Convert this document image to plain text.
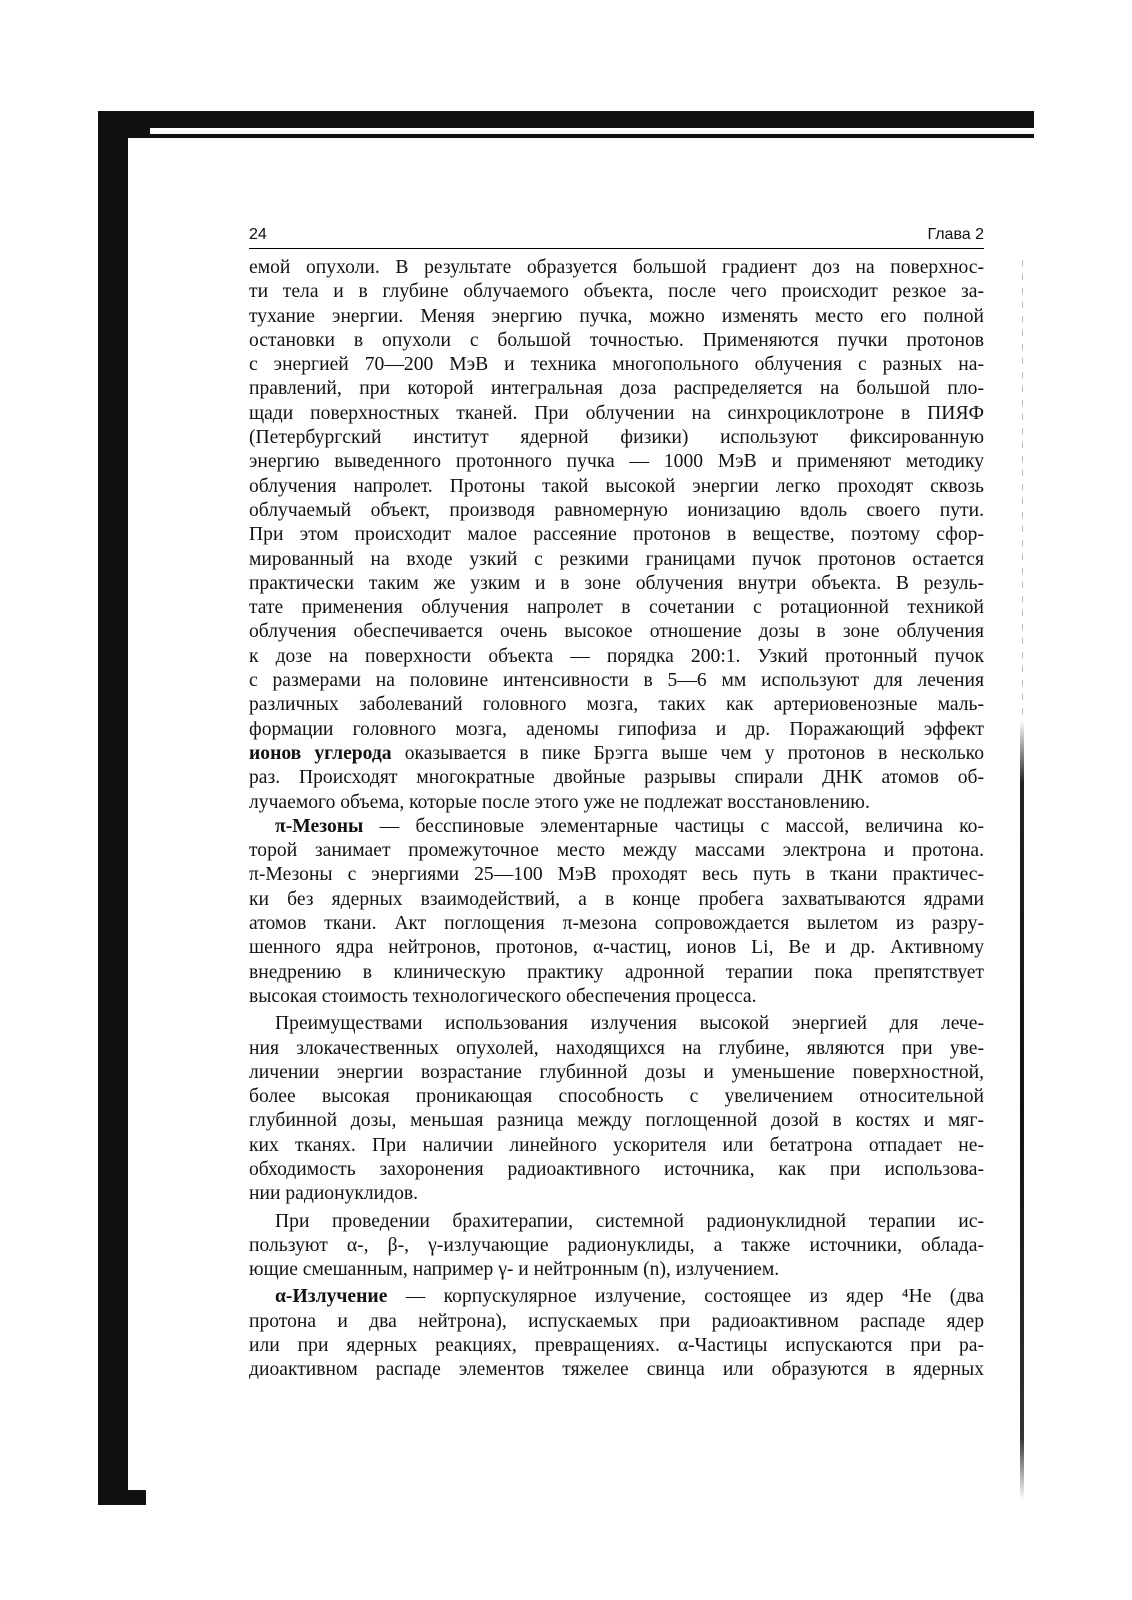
24	Глава 2
емой опухоли. В результате образуется большой градиент доз на поверхнос-
ти тела и в глубине облучаемого объекта, после чего происходит резкое за-
тухание энергии. Меняя энергию пучка, можно изменять место его полной
остановки в опухоли с большой точностью. Применяются пучки протонов
с энергией 70—200 МэВ и техника многопольного облучения с разных на-
правлений, при которой интегральная доза распределяется на большой пло-
щади поверхностных тканей. При облучении на синхроциклотроне в ПИЯФ
(Петербургский институт ядерной физики) используют фиксированную
энергию выведенного протонного пучка — 1000 МэВ и применяют методику
облучения напролет. Протоны такой высокой энергии легко проходят сквозь
облучаемый объект, производя равномерную ионизацию вдоль своего пути.
При этом происходит малое рассеяние протонов в веществе, поэтому сфор-
мированный на входе узкий с резкими границами пучок протонов остается
практически таким же узким и в зоне облучения внутри объекта. В резуль-
тате применения облучения напролет в сочетании с ротационной техникой
облучения обеспечивается очень высокое отношение дозы в зоне облучения
к дозе на поверхности объекта — порядка 200:1. Узкий протонный пучок
с размерами на половине интенсивности в 5—6 мм используют для лечения
различных заболеваний головного мозга, таких как артериовенозные маль-
формации головного мозга, аденомы гипофиза и др. Поражающий эффект
ионов углерода оказывается в пике Брэгга выше чем у протонов в несколько
раз. Происходят многократные двойные разрывы спирали ДНК атомов об-
лучаемого объема, которые после этого уже не подлежат восстановлению.
π-Мезоны — бесспиновые элементарные частицы с массой, величина ко-
торой занимает промежуточное место между массами электрона и протона.
π-Мезоны с энергиями 25—100 МэВ проходят весь путь в ткани практичес-
ки без ядерных взаимодействий, а в конце пробега захватываются ядрами
атомов ткани. Акт поглощения π-мезона сопровождается вылетом из разру-
шенного ядра нейтронов, протонов, α-частиц, ионов Li, Be и др. Активному
внедрению в клиническую практику адронной терапии пока препятствует
высокая стоимость технологического обеспечения процесса.
Преимуществами использования излучения высокой энергией для лече-
ния злокачественных опухолей, находящихся на глубине, являются при уве-
личении энергии возрастание глубинной дозы и уменьшение поверхностной,
более высокая проникающая способность с увеличением относительной
глубинной дозы, меньшая разница между поглощенной дозой в костях и мяг-
ких тканях. При наличии линейного ускорителя или бетатрона отпадает не-
обходимость захоронения радиоактивного источника, как при использова-
нии радионуклидов.
При проведении брахитерапии, системной радионуклидной терапии ис-
пользуют α-, β-, γ-излучающие радионуклиды, а также источники, облада-
ющие смешанным, например γ- и нейтронным (n), излучением.
α-Излучение — корпускулярное излучение, состоящее из ядер ⁴He (два
протона и два нейтрона), испускаемых при радиоактивном распаде ядер
или при ядерных реакциях, превращениях. α-Частицы испускаются при ра-
диоактивном распаде элементов тяжелее свинца или образуются в ядерных
